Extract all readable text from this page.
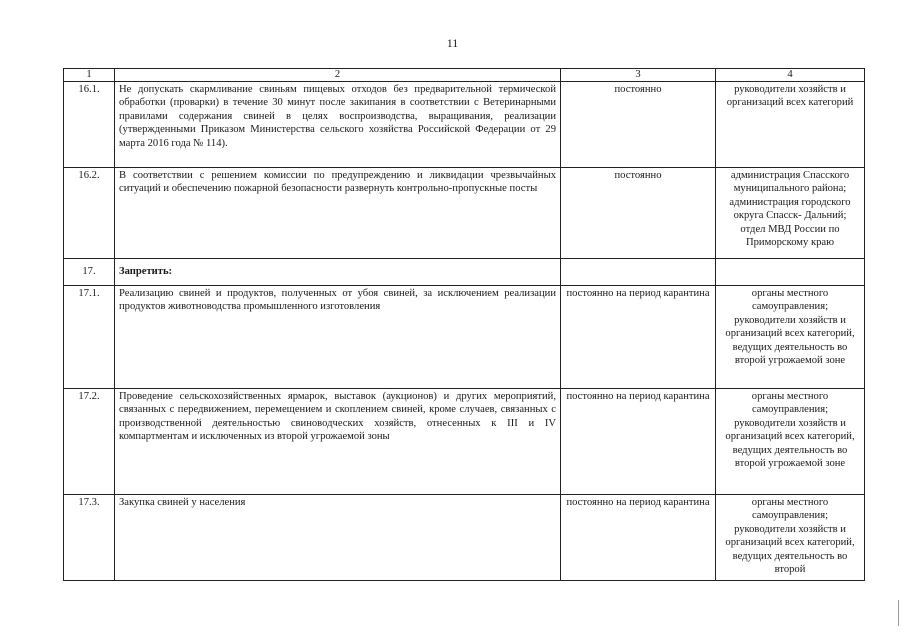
11
1	2	3	4
16.1.	Не допускать скармливание свиньям пищевых отходов без предварительной термической обработки (проварки) в течение 30 минут после закипания в соответствии с Ветеринарными правилами содержания свиней в целях воспроизводства, выращивания, реализации (утвержденными Приказом Министерства сельского хозяйства Российской Федерации от 29 марта 2016 года № 114).	постоянно	руководители хозяйств и организаций всех категорий
16.2.	В соответствии с решением комиссии по предупреждению и ликвидации чрезвычайных ситуаций и обеспечению пожарной безопасности развернуть контрольно-пропускные посты	постоянно	администрация Спасского муниципального района; администрация городского округа Спасск- Дальний; отдел МВД России по Приморскому краю
17.	Запретить:		
17.1.	Реализацию свиней и продуктов, полученных от убоя свиней, за исключением реализации продуктов животноводства промышленного изготовления	постоянно на период карантина	органы местного самоуправления; руководители хозяйств и организаций всех категорий, ведущих деятельность во второй угрожаемой зоне
17.2.	Проведение сельскохозяйственных ярмарок, выставок (аукционов) и других мероприятий, связанных с передвижением, перемещением и скоплением свиней, кроме случаев, связанных с производственной деятельностью свиноводческих хозяйств, отнесенных к III и IV компартментам и исключенных из второй угрожаемой зоны	постоянно на период карантина	органы местного самоуправления; руководители хозяйств и организаций всех категорий, ведущих деятельность во второй угрожаемой зоне
17.3.	Закупка свиней у населения	постоянно на период карантина	органы местного самоуправления; руководители хозяйств и организаций всех категорий, ведущих деятельность во второй
